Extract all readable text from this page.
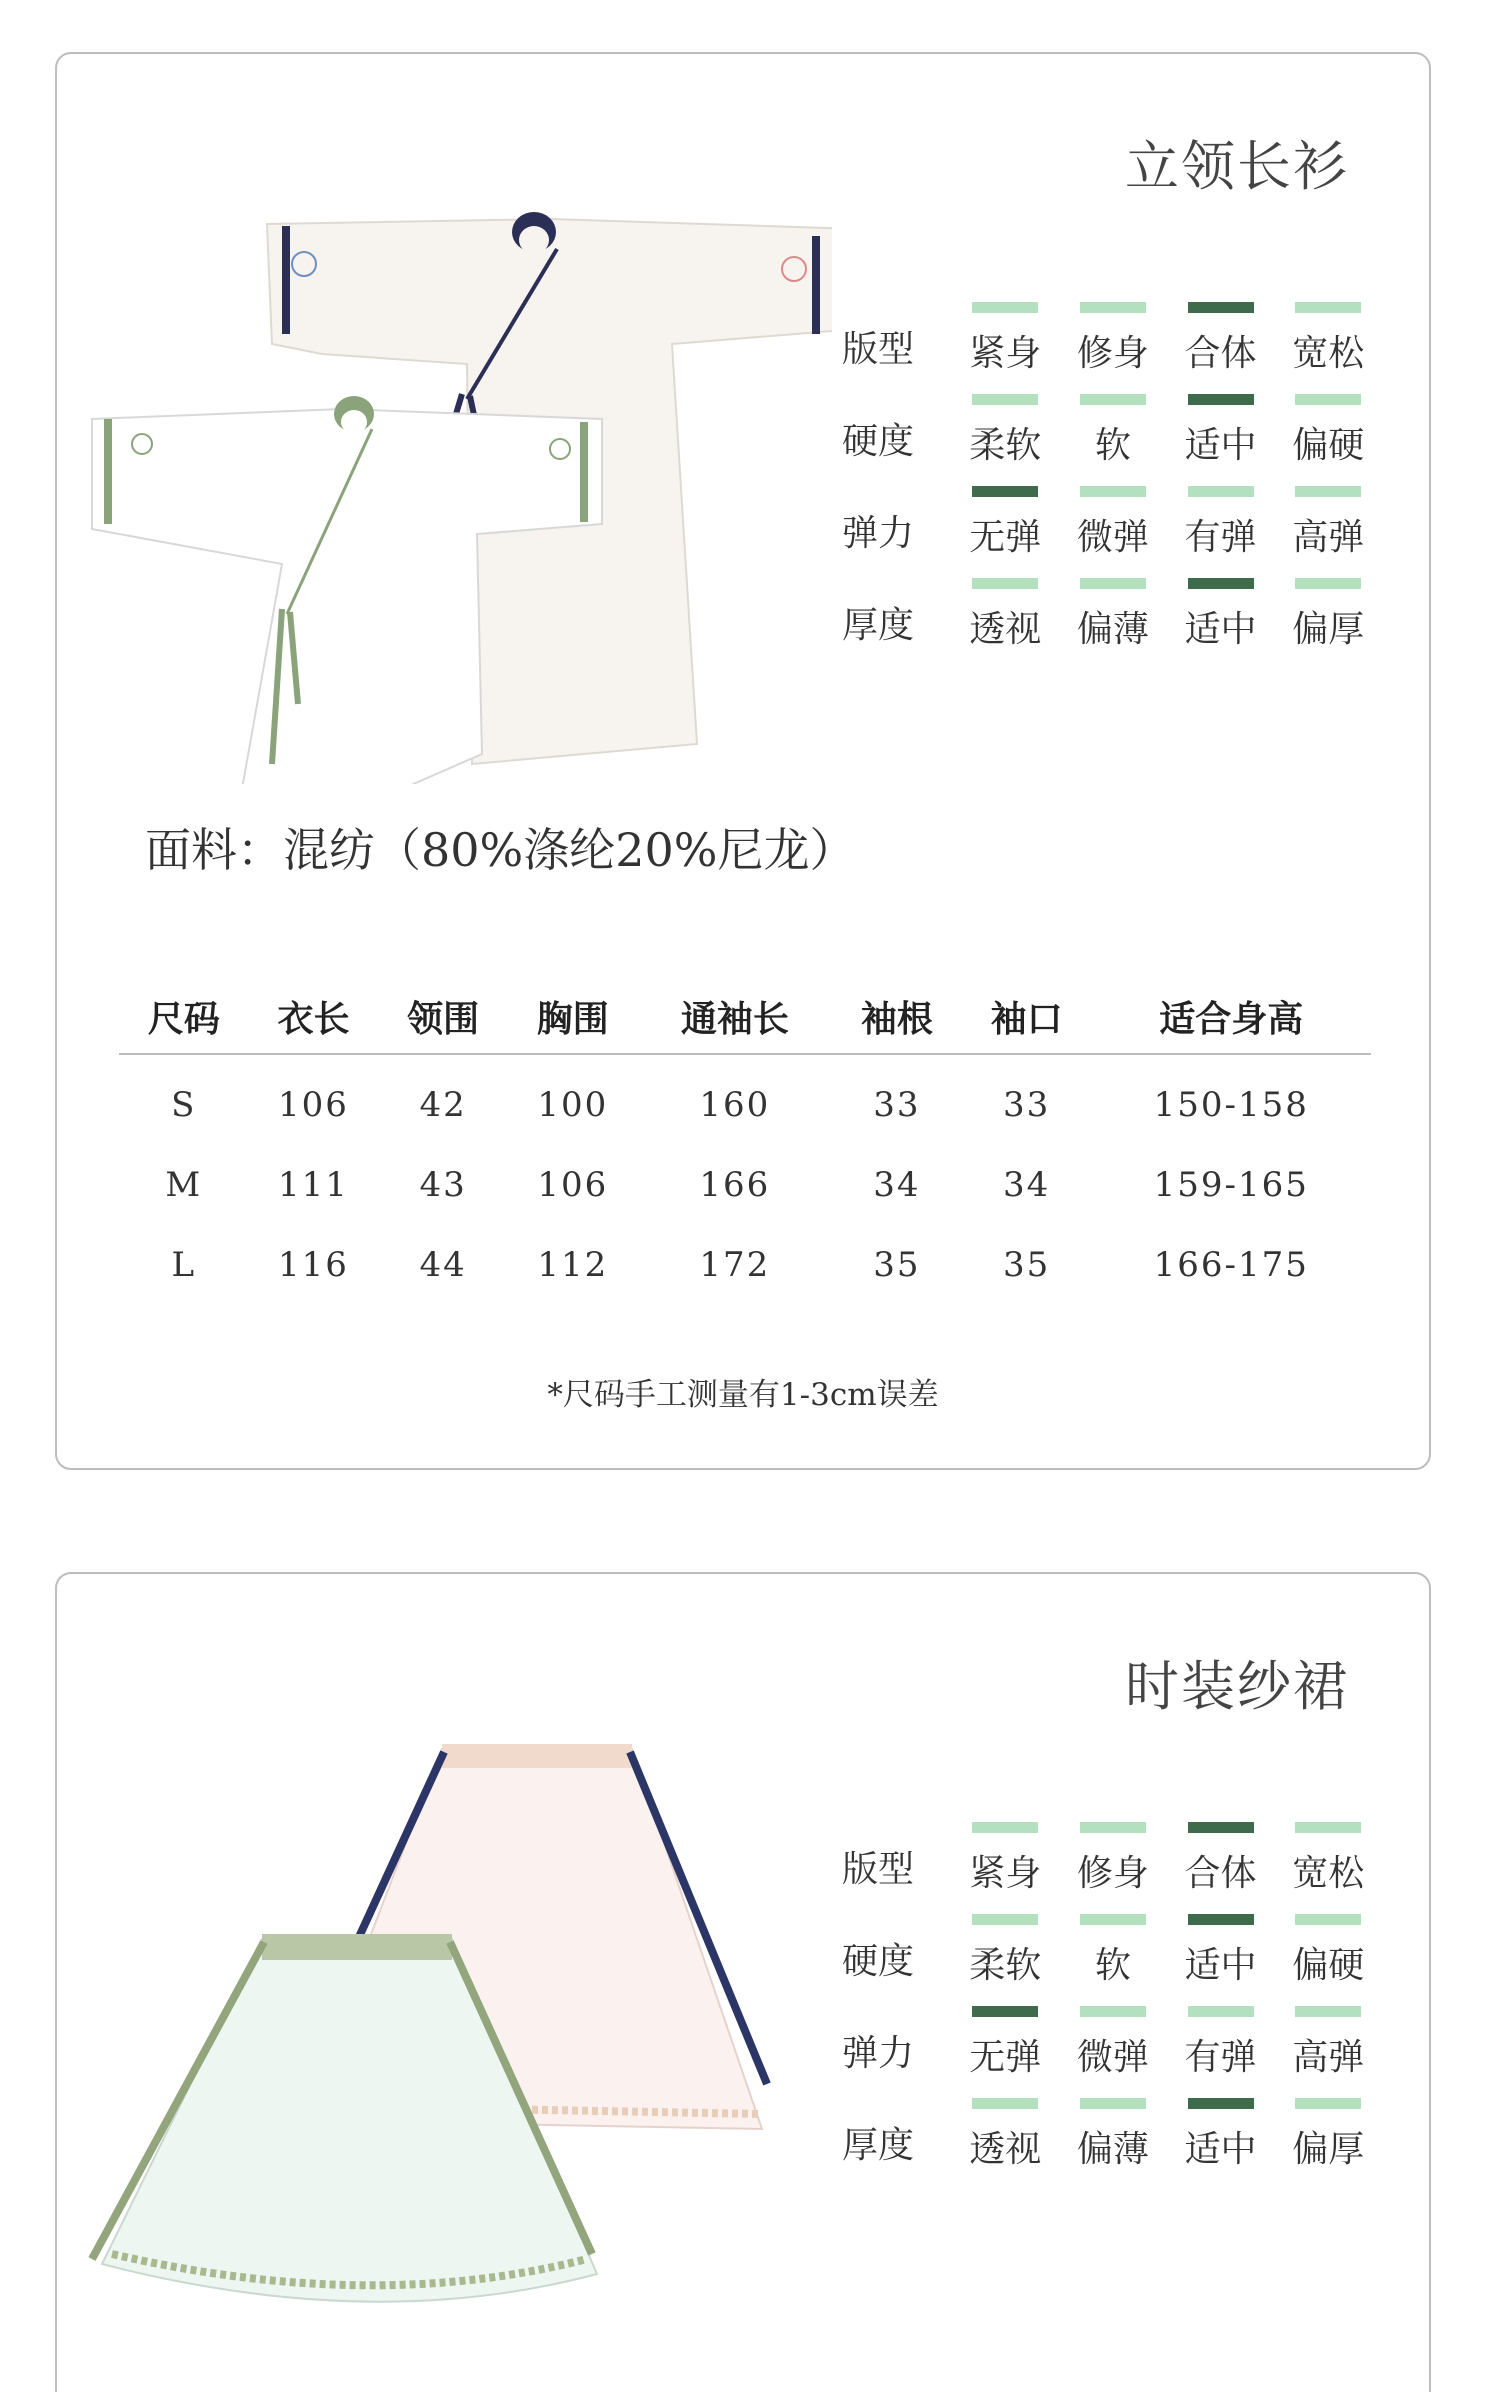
立领长衫
版型	紧身 修身 合体 宽松
硬度	柔软 软 适中 偏硬
弹力	无弹 微弹 有弹 高弹
厚度	透视 偏薄 适中 偏厚
面料：混纺（80%涤纶20%尼龙）
尺码	衣长	领围	胸围	通袖长	袖根	袖口	适合身高
S	106	42	100	160	33	33	150-158
M	111	43	106	166	34	34	159-165
L	116	44	112	172	35	35	166-175
*尺码手工测量有1-3cm误差
时装纱裙
版型	紧身 修身 合体 宽松
硬度	柔软 软 适中 偏硬
弹力	无弹 微弹 有弹 高弹
厚度	透视 偏薄 适中 偏厚
